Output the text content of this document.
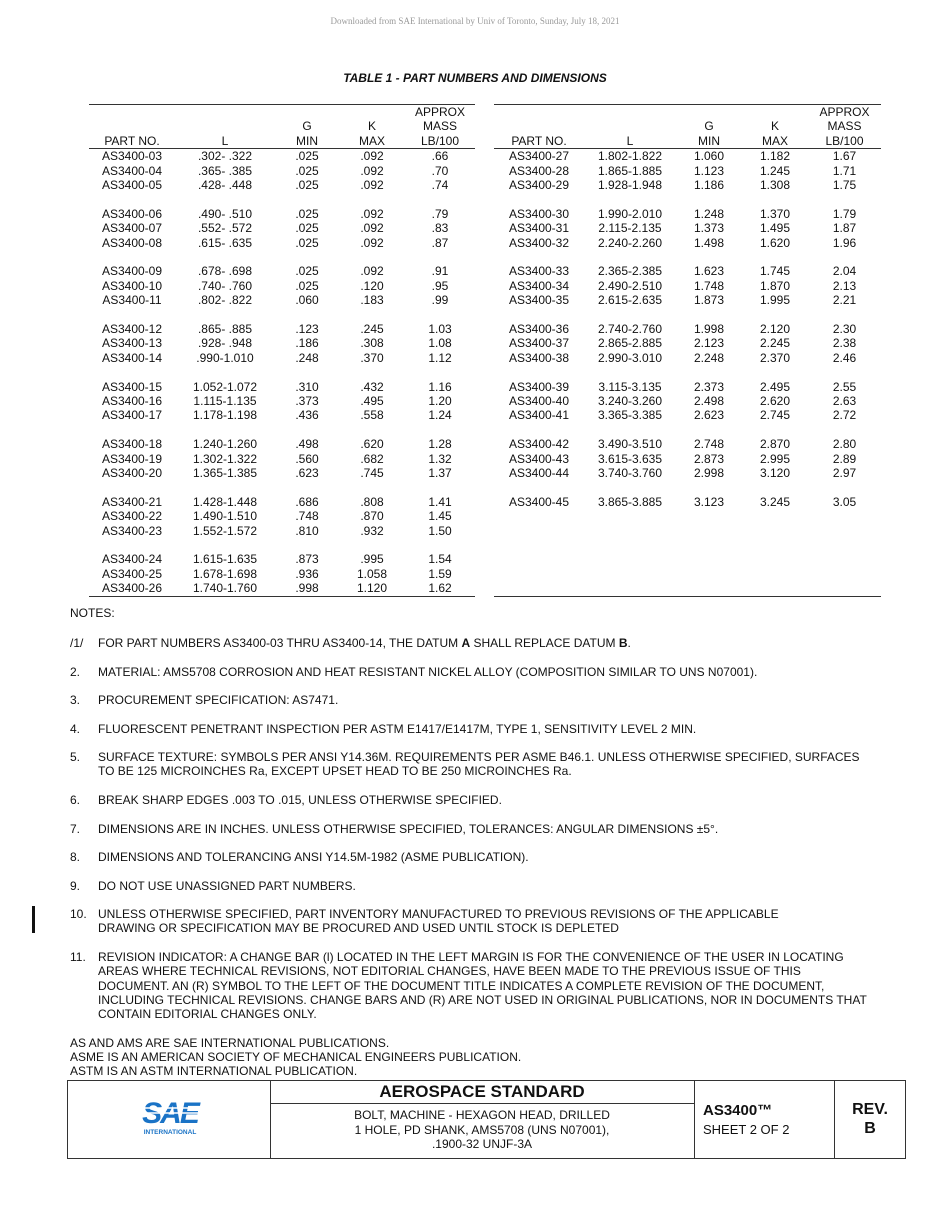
Downloaded from SAE International by Univ of Toronto, Sunday, July 18, 2021
TABLE 1 - PART NUMBERS AND DIMENSIONS
				APPROX
		G	K	MASS
PART NO.	L	MIN	MAX	LB/100
AS3400-03	.302- .322	.025	.092	.66
AS3400-04	.365- .385	.025	.092	.70
AS3400-05	.428- .448	.025	.092	.74

AS3400-06	.490- .510	.025	.092	.79
AS3400-07	.552- .572	.025	.092	.83
AS3400-08	.615- .635	.025	.092	.87

AS3400-09	.678- .698	.025	.092	.91
AS3400-10	.740- .760	.025	.120	.95
AS3400-11	.802- .822	.060	.183	.99

AS3400-12	.865- .885	.123	.245	1.03
AS3400-13	.928- .948	.186	.308	1.08
AS3400-14	.990-1.010	.248	.370	1.12

AS3400-15	1.052-1.072	.310	.432	1.16
AS3400-16	1.115-1.135	.373	.495	1.20
AS3400-17	1.178-1.198	.436	.558	1.24

AS3400-18	1.240-1.260	.498	.620	1.28
AS3400-19	1.302-1.322	.560	.682	1.32
AS3400-20	1.365-1.385	.623	.745	1.37

AS3400-21	1.428-1.448	.686	.808	1.41
AS3400-22	1.490-1.510	.748	.870	1.45
AS3400-23	1.552-1.572	.810	.932	1.50

AS3400-24	1.615-1.635	.873	.995	1.54
AS3400-25	1.678-1.698	.936	1.058	1.59
AS3400-26	1.740-1.760	.998	1.120	1.62
				APPROX
		G	K	MASS
PART NO.	L	MIN	MAX	LB/100
AS3400-27	1.802-1.822	1.060	1.182	1.67
AS3400-28	1.865-1.885	1.123	1.245	1.71
AS3400-29	1.928-1.948	1.186	1.308	1.75

AS3400-30	1.990-2.010	1.248	1.370	1.79
AS3400-31	2.115-2.135	1.373	1.495	1.87
AS3400-32	2.240-2.260	1.498	1.620	1.96

AS3400-33	2.365-2.385	1.623	1.745	2.04
AS3400-34	2.490-2.510	1.748	1.870	2.13
AS3400-35	2.615-2.635	1.873	1.995	2.21

AS3400-36	2.740-2.760	1.998	2.120	2.30
AS3400-37	2.865-2.885	2.123	2.245	2.38
AS3400-38	2.990-3.010	2.248	2.370	2.46

AS3400-39	3.115-3.135	2.373	2.495	2.55
AS3400-40	3.240-3.260	2.498	2.620	2.63
AS3400-41	3.365-3.385	2.623	2.745	2.72

AS3400-42	3.490-3.510	2.748	2.870	2.80
AS3400-43	3.615-3.635	2.873	2.995	2.89
AS3400-44	3.740-3.760	2.998	3.120	2.97

AS3400-45	3.865-3.885	3.123	3.245	3.05

NOTES:
/1/ FOR PART NUMBERS AS3400-03 THRU AS3400-14, THE DATUM A SHALL REPLACE DATUM B.
2. MATERIAL: AMS5708 CORROSION AND HEAT RESISTANT NICKEL ALLOY (COMPOSITION SIMILAR TO UNS N07001).
3. PROCUREMENT SPECIFICATION: AS7471.
4. FLUORESCENT PENETRANT INSPECTION PER ASTM E1417/E1417M, TYPE 1, SENSITIVITY LEVEL 2 MIN.
5. SURFACE TEXTURE: SYMBOLS PER ANSI Y14.36M. REQUIREMENTS PER ASME B46.1. UNLESS OTHERWISE SPECIFIED, SURFACES TO BE 125 MICROINCHES Ra, EXCEPT UPSET HEAD TO BE 250 MICROINCHES Ra.
6. BREAK SHARP EDGES .003 TO .015, UNLESS OTHERWISE SPECIFIED.
7. DIMENSIONS ARE IN INCHES. UNLESS OTHERWISE SPECIFIED, TOLERANCES: ANGULAR DIMENSIONS ±5°.
8. DIMENSIONS AND TOLERANCING ANSI Y14.5M-1982 (ASME PUBLICATION).
9. DO NOT USE UNASSIGNED PART NUMBERS.
10. UNLESS OTHERWISE SPECIFIED, PART INVENTORY MANUFACTURED TO PREVIOUS REVISIONS OF THE APPLICABLE DRAWING OR SPECIFICATION MAY BE PROCURED AND USED UNTIL STOCK IS DEPLETED
11. REVISION INDICATOR: A CHANGE BAR (l) LOCATED IN THE LEFT MARGIN IS FOR THE CONVENIENCE OF THE USER IN LOCATING AREAS WHERE TECHNICAL REVISIONS, NOT EDITORIAL CHANGES, HAVE BEEN MADE TO THE PREVIOUS ISSUE OF THIS DOCUMENT. AN (R) SYMBOL TO THE LEFT OF THE DOCUMENT TITLE INDICATES A COMPLETE REVISION OF THE DOCUMENT, INCLUDING TECHNICAL REVISIONS. CHANGE BARS AND (R) ARE NOT USED IN ORIGINAL PUBLICATIONS, NOR IN DOCUMENTS THAT CONTAIN EDITORIAL CHANGES ONLY.
AS AND AMS ARE SAE INTERNATIONAL PUBLICATIONS.
ASME IS AN AMERICAN SOCIETY OF MECHANICAL ENGINEERS PUBLICATION.
ASTM IS AN ASTM INTERNATIONAL PUBLICATION.
SAE
INTERNATIONAL
AEROSPACE STANDARD
BOLT, MACHINE - HEXAGON HEAD, DRILLED
1 HOLE, PD SHANK, AMS5708 (UNS N07001),
.1900-32 UNJF-3A
AS3400™
SHEET 2 OF 2
REV.
B
